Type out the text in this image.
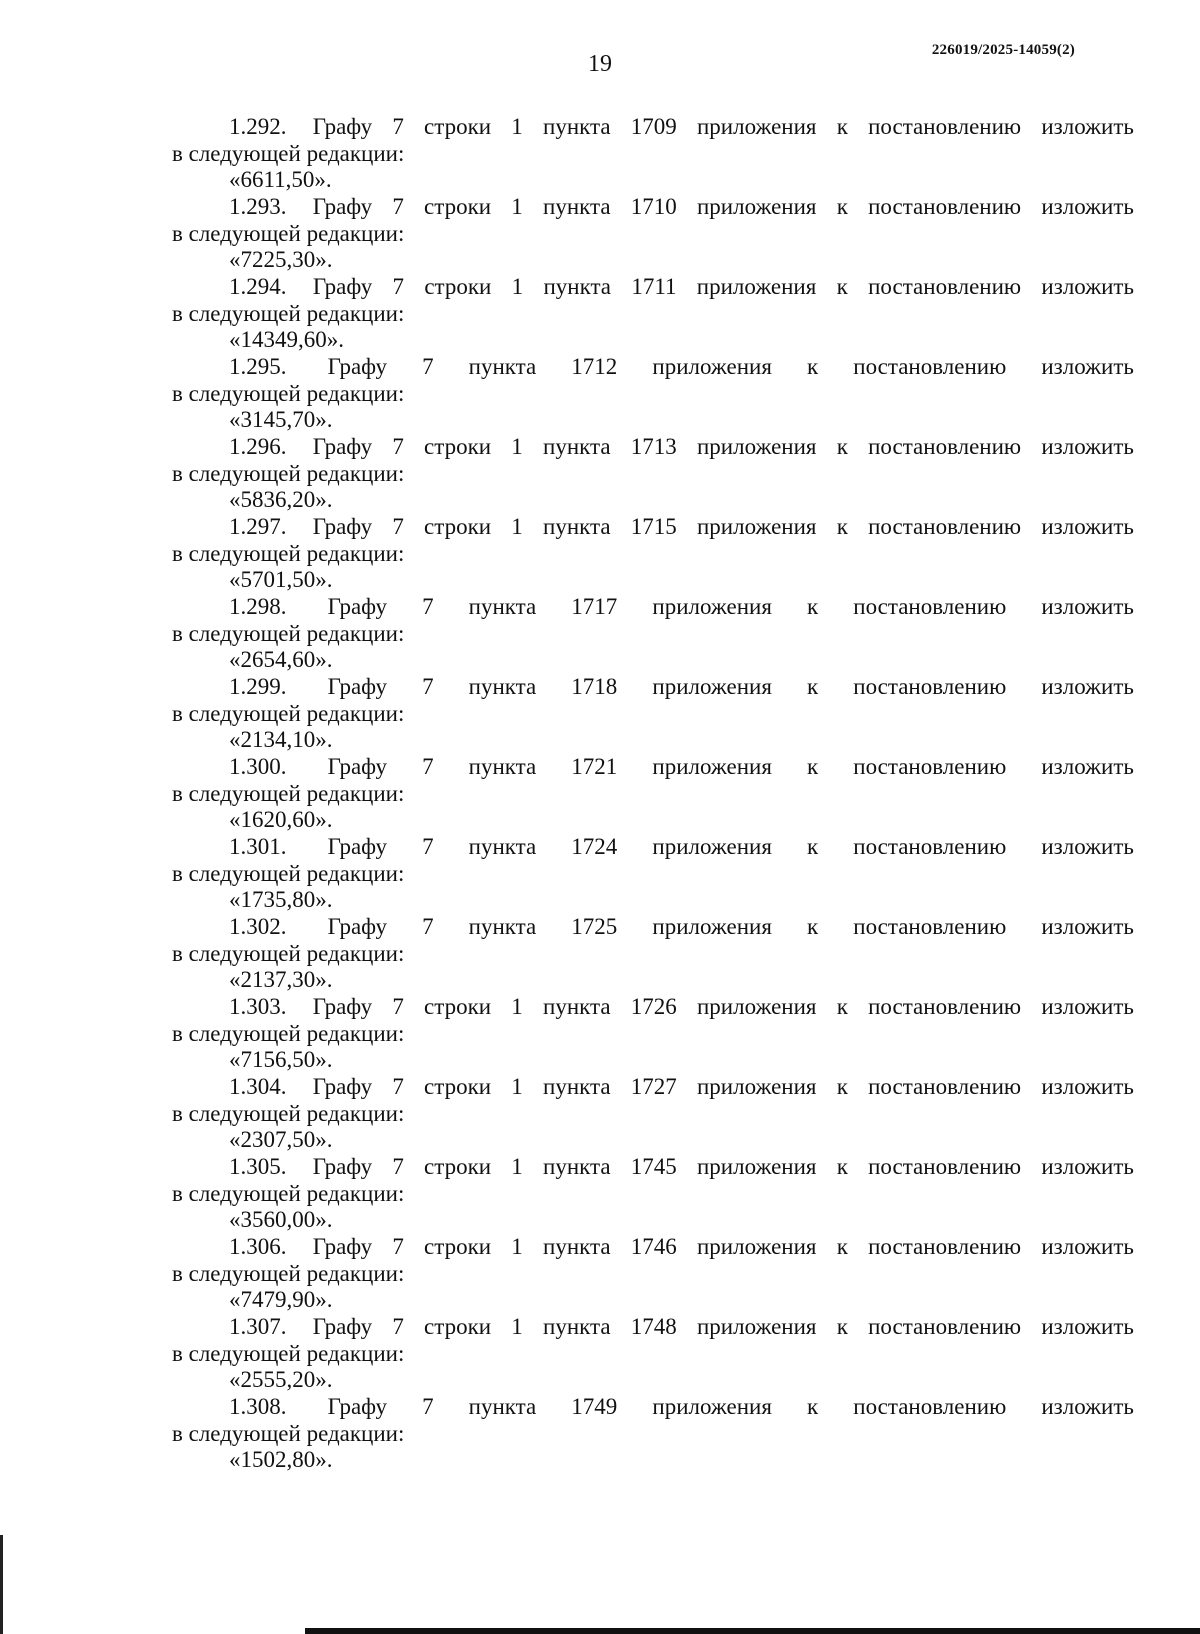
19
226019/2025-14059(2)
1.292. Графу 7 строки 1 пункта 1709 приложения к постановлению изложить
в следующей редакции:
«6611,50».
1.293. Графу 7 строки 1 пункта 1710 приложения к постановлению изложить
в следующей редакции:
«7225,30».
1.294. Графу 7 строки 1 пункта 1711 приложения к постановлению изложить
в следующей редакции:
«14349,60».
1.295. Графу 7 пункта 1712 приложения к постановлению изложить
в следующей редакции:
«3145,70».
1.296. Графу 7 строки 1 пункта 1713 приложения к постановлению изложить
в следующей редакции:
«5836,20».
1.297. Графу 7 строки 1 пункта 1715 приложения к постановлению изложить
в следующей редакции:
«5701,50».
1.298. Графу 7 пункта 1717 приложения к постановлению изложить
в следующей редакции:
«2654,60».
1.299. Графу 7 пункта 1718 приложения к постановлению изложить
в следующей редакции:
«2134,10».
1.300. Графу 7 пункта 1721 приложения к постановлению изложить
в следующей редакции:
«1620,60».
1.301. Графу 7 пункта 1724 приложения к постановлению изложить
в следующей редакции:
«1735,80».
1.302. Графу 7 пункта 1725 приложения к постановлению изложить
в следующей редакции:
«2137,30».
1.303. Графу 7 строки 1 пункта 1726 приложения к постановлению изложить
в следующей редакции:
«7156,50».
1.304. Графу 7 строки 1 пункта 1727 приложения к постановлению изложить
в следующей редакции:
«2307,50».
1.305. Графу 7 строки 1 пункта 1745 приложения к постановлению изложить
в следующей редакции:
«3560,00».
1.306. Графу 7 строки 1 пункта 1746 приложения к постановлению изложить
в следующей редакции:
«7479,90».
1.307. Графу 7 строки 1 пункта 1748 приложения к постановлению изложить
в следующей редакции:
«2555,20».
1.308. Графу 7 пункта 1749 приложения к постановлению изложить
в следующей редакции:
«1502,80».
